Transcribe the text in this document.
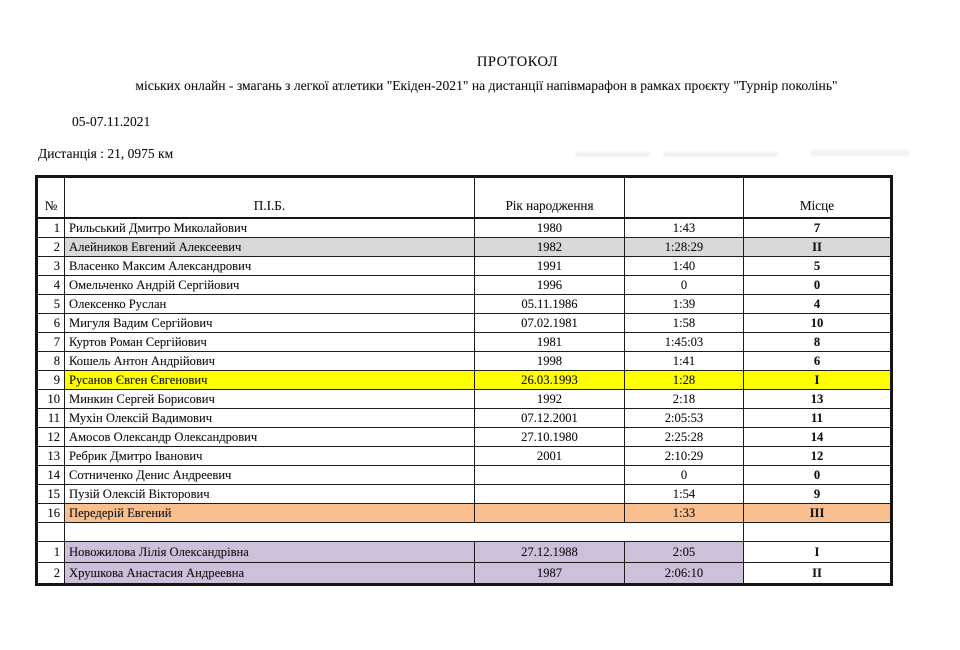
ПРОТОКОЛ
міських онлайн - змагань з легкої атлетики "Екіден-2021" на дистанції напівмарафон в рамках проєкту "Турнір поколінь"
05-07.11.2021
Дистанція : 21, 0975 км
№	П.І.Б.	Рік народження		Місце
1	Рильський Дмитро Миколайович	1980	1:43	7
2	Алейников Евгений Алексеевич	1982	1:28:29	II
3	Власенко Максим Александрович	1991	1:40	5
4	Омельченко Андрій Сергійович	1996	0	0
5	Олексенко Руслан	05.11.1986	1:39	4
6	Мигуля Вадим Сергійович	07.02.1981	1:58	10
7	Куртов Роман Сергійович	1981	1:45:03	8
8	Кошель Антон Андрійович	1998	1:41	6
9	Русанов Євген Євгенович	26.03.1993	1:28	I
10	Минкин Сергей Борисович	1992	2:18	13
11	Мухін Олексій Вадимович	07.12.2001	2:05:53	11
12	Амосов Олександр Олександрович	27.10.1980	2:25:28	14
13	Ребрик Дмитро Іванович	2001	2:10:29	12
14	Сотниченко Денис Андреевич		0	0
15	Пузій Олексій Вікторович		1:54	9
16	Передерій Евгений		1:33	III

1	Новожилова Лілія Олександрівна	27.12.1988	2:05	I
2	Хрушкова Анастасия Андреевна	1987	2:06:10	II
